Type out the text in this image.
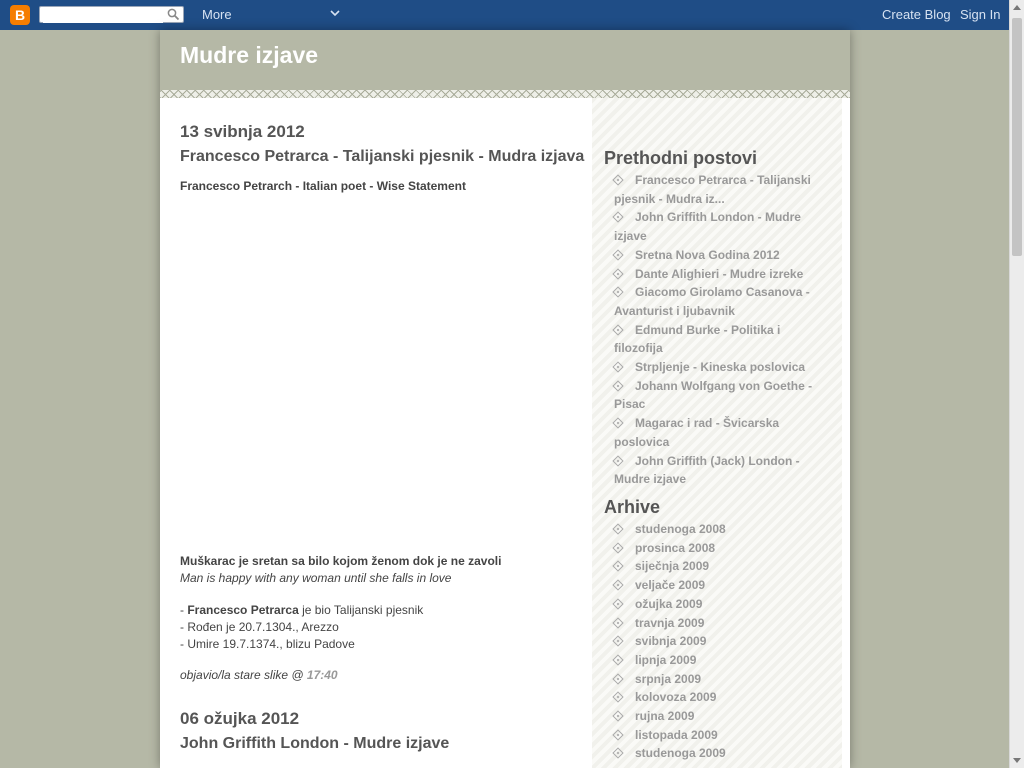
B	More	Create Blog Sign In
Mudre izjave
13 svibnja 2012
Francesco Petrarca - Talijanski pjesnik - Mudra izjava
Francesco Petrarch - Italian poet - Wise Statement
Muškarac je sretan sa bilo kojom ženom dok je ne zavoli
Man is happy with any woman until she falls in love
- Francesco Petrarca je bio Talijanski pjesnik
- Rođen je 20.7.1304., Arezzo
- Umire 19.7.1374., blizu Padove
objavio/la stare slike @ 17:40
06 ožujka 2012
John Griffith London - Mudre izjave
Prethodni postovi
Francesco Petrarca - Talijanski pjesnik - Mudra iz...
John Griffith London - Mudre izjave
Sretna Nova Godina 2012
Dante Alighieri - Mudre izreke
Giacomo Girolamo Casanova - Avanturist i ljubavnik
Edmund Burke - Politika i filozofija
Strpljenje - Kineska poslovica
Johann Wolfgang von Goethe - Pisac
Magarac i rad - Švicarska poslovica
John Griffith (Jack) London - Mudre izjave
Arhive
studenoga 2008
prosinca 2008
siječnja 2009
veljače 2009
ožujka 2009
travnja 2009
svibnja 2009
lipnja 2009
srpnja 2009
kolovoza 2009
rujna 2009
listopada 2009
studenoga 2009
